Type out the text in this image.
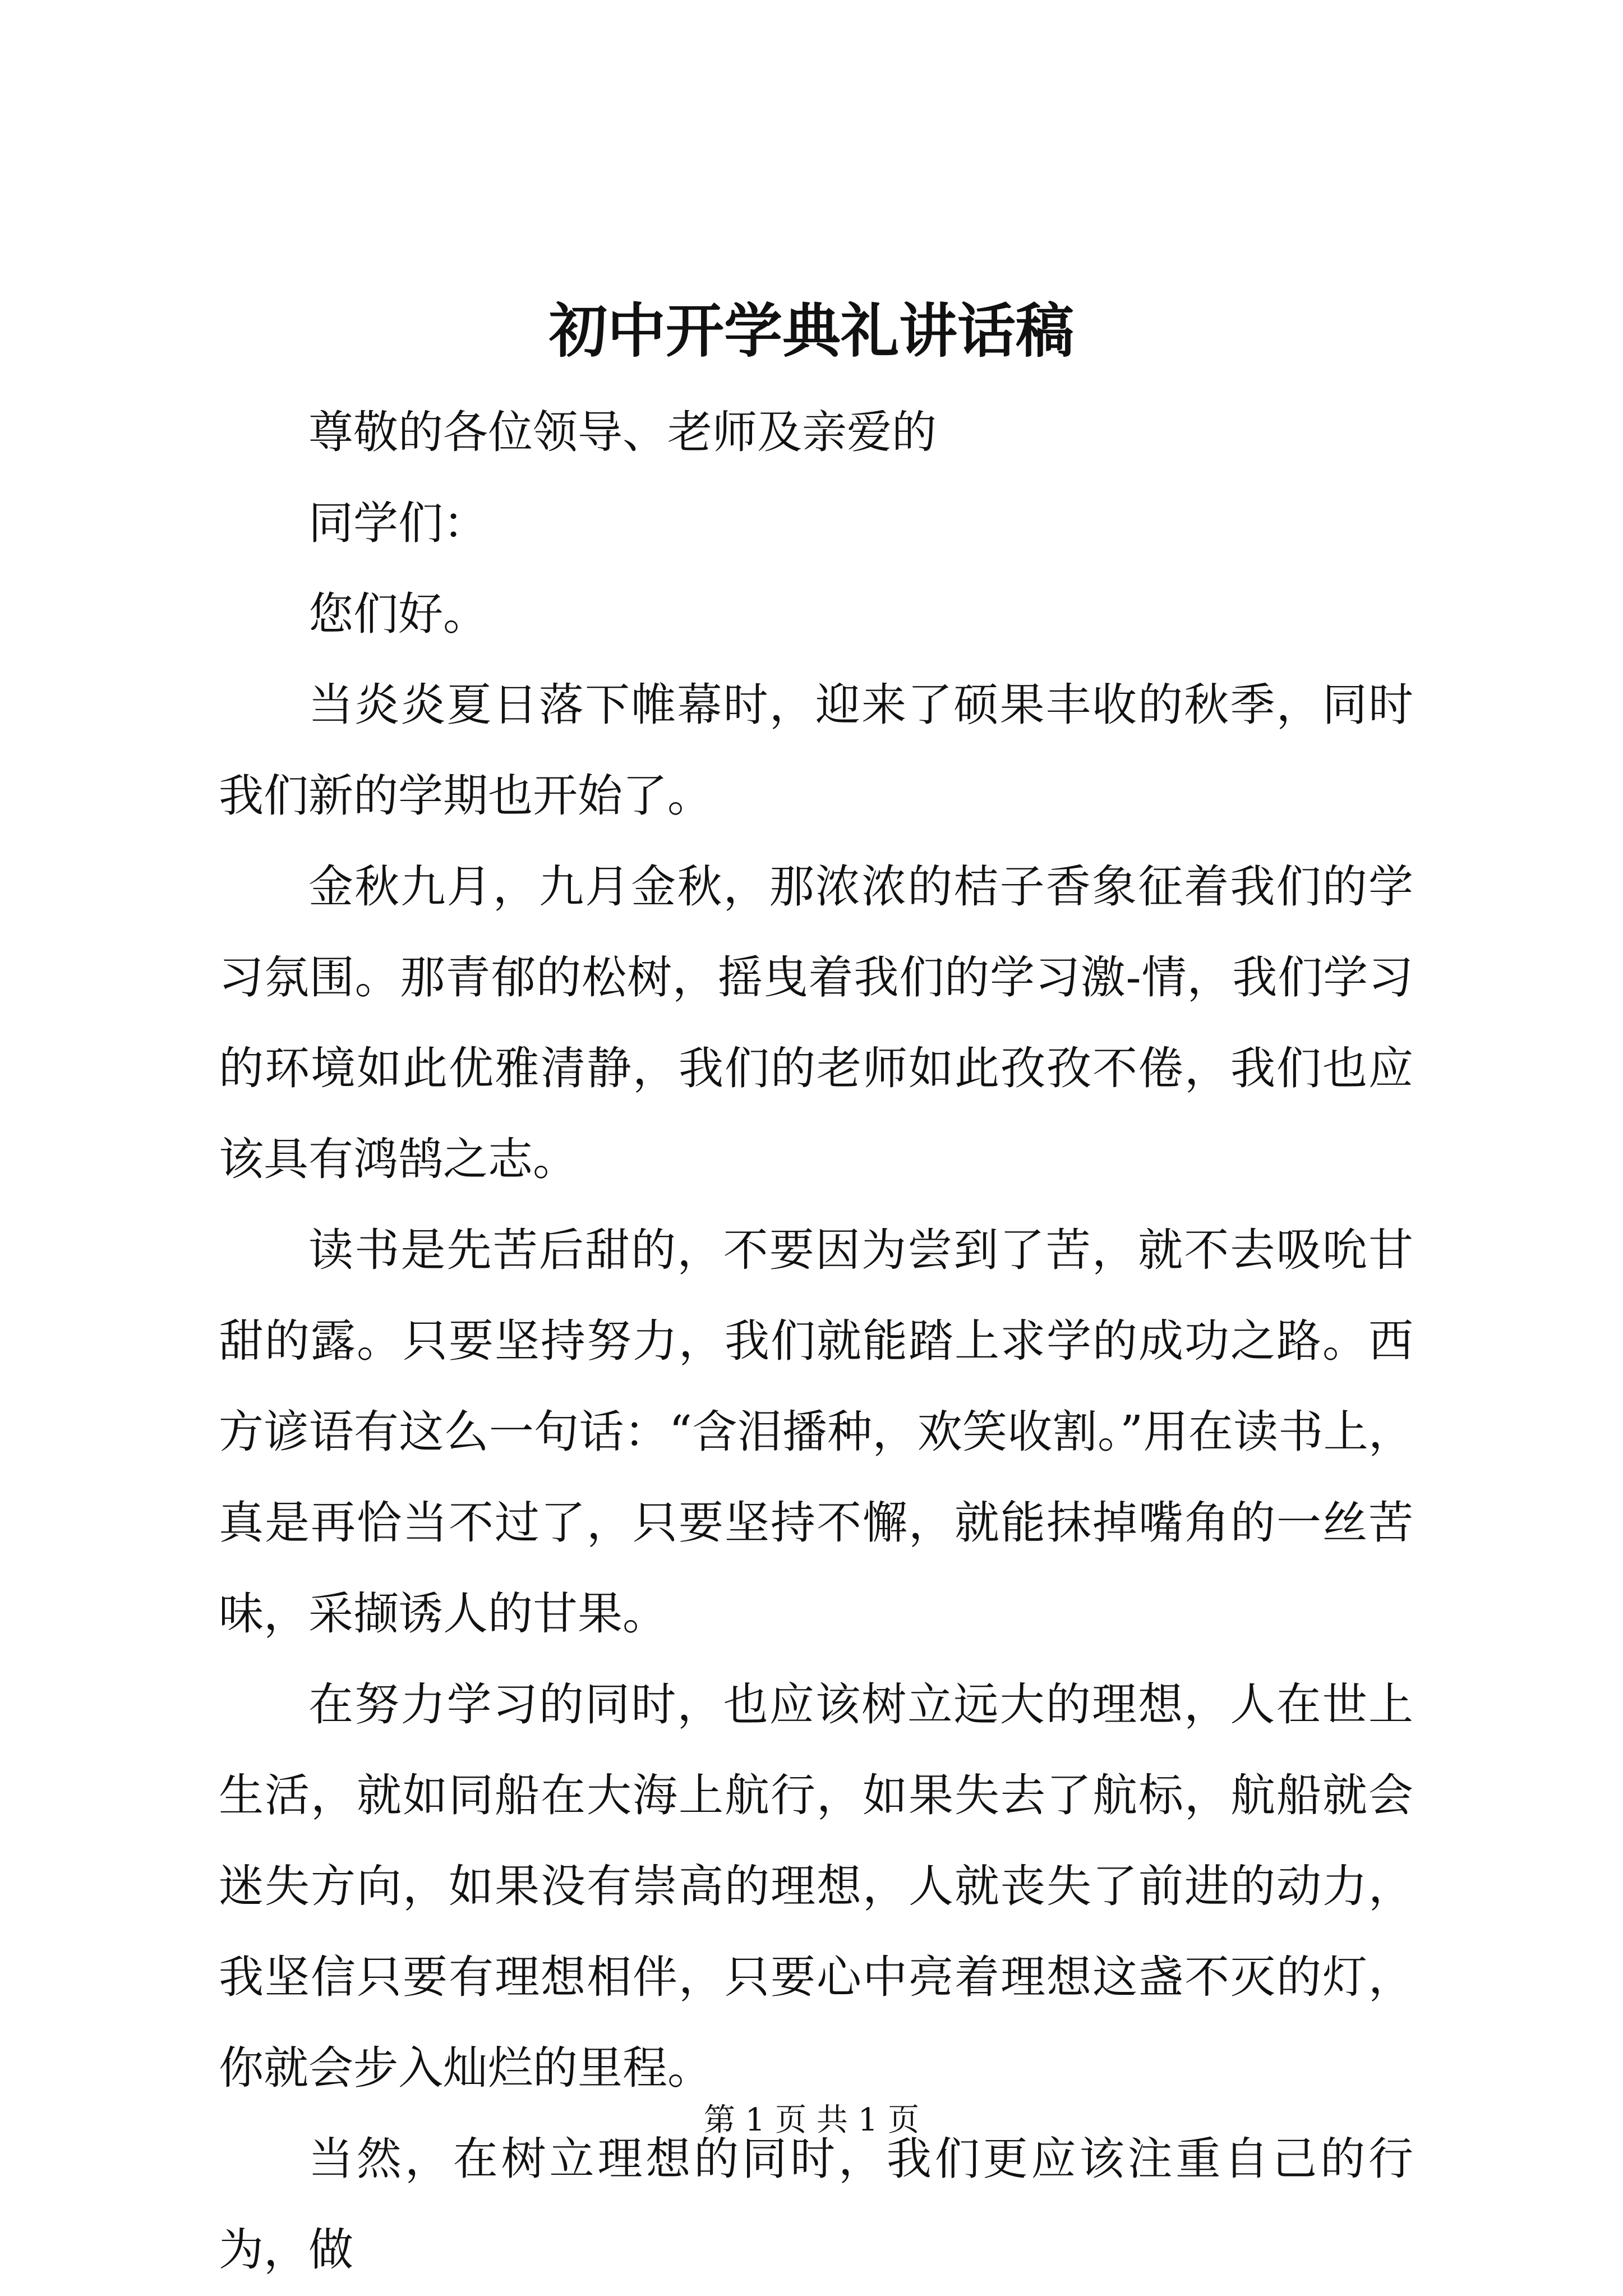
初中开学典礼讲话稿

尊敬的各位领导、老师及亲爱的

同学们：

您们好。

当炎炎夏日落下帷幕时，迎来了硕果丰收的秋季，同时我们新的学期也开始了。

金秋九月，九月金秋，那浓浓的桔子香象征着我们的学习氛围。那青郁的松树，摇曳着我们的学习激-情，我们学习的环境如此优雅清静，我们的老师如此孜孜不倦，我们也应该具有鸿鹄之志。

读书是先苦后甜的，不要因为尝到了苦，就不去吸吮甘甜的露。只要坚持努力，我们就能踏上求学的成功之路。西方谚语有这么一句话：“含泪播种，欢笑收割。”用在读书上，真是再恰当不过了，只要坚持不懈，就能抹掉嘴角的一丝苦味，采撷诱人的甘果。

在努力学习的同时，也应该树立远大的理想，人在世上生活，就如同船在大海上航行，如果失去了航标，航船就会迷失方向，如果没有崇高的理想，人就丧失了前进的动力，我坚信只要有理想相伴，只要心中亮着理想这盏不灭的灯，你就会步入灿烂的里程。

当然，在树立理想的同时，我们更应该注重自己的行为，做

第 1 页 共 1 页
